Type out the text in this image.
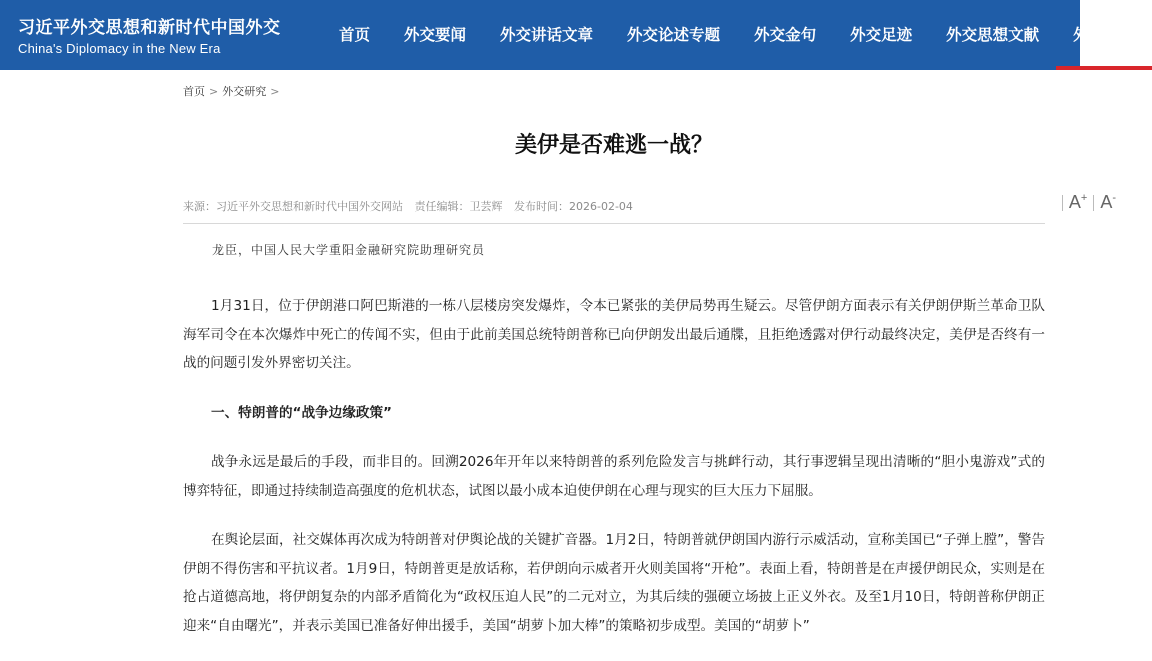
习近平外交思想和新时代中国外交
China's Diplomacy in the New Era
首页	外交要闻	外交讲话文章	外交论述专题	外交金句	外交足迹	外交思想文献	外交研究
首页 > 外交研究 >
美伊是否难逃一战？
来源：习近平外交思想和新时代中国外交网站 责任编辑：卫芸辉 发布时间：2026-02-04	A+ A-
龙臣，中国人民大学重阳金融研究院助理研究员

1月31日，位于伊朗港口阿巴斯港的一栋八层楼房突发爆炸，令本已紧张的美伊局势再生疑云。尽管伊朗方面表示有关伊朗伊斯兰革命卫队海军司令在本次爆炸中死亡的传闻不实，但由于此前美国总统特朗普称已向伊朗发出最后通牒，且拒绝透露对伊行动最终决定，美伊是否终有一战的问题引发外界密切关注。

一、特朗普的“战争边缘政策”

战争永远是最后的手段，而非目的。回溯2026年开年以来特朗普的系列危险发言与挑衅行动，其行事逻辑呈现出清晰的“胆小鬼游戏”式的博弈特征，即通过持续制造高强度的危机状态，试图以最小成本迫使伊朗在心理与现实的巨大压力下屈服。

在舆论层面，社交媒体再次成为特朗普对伊舆论战的关键扩音器。1月2日，特朗普就伊朗国内游行示威活动，宣称美国已“子弹上膛”，警告伊朗不得伤害和平抗议者。1月9日，特朗普更是放话称，若伊朗向示威者开火则美国将“开枪”。表面上看，特朗普是在声援伊朗民众，实则是在抢占道德高地，将伊朗复杂的内部矛盾简化为“政权压迫人民”的二元对立，为其后续的强硬立场披上正义外衣。及至1月10日，特朗普称伊朗正迎来“自由曙光”，并表示美国已准备好伸出援手，美国“胡萝卜加大棒”的策略初步成型。美国的“胡萝卜”
